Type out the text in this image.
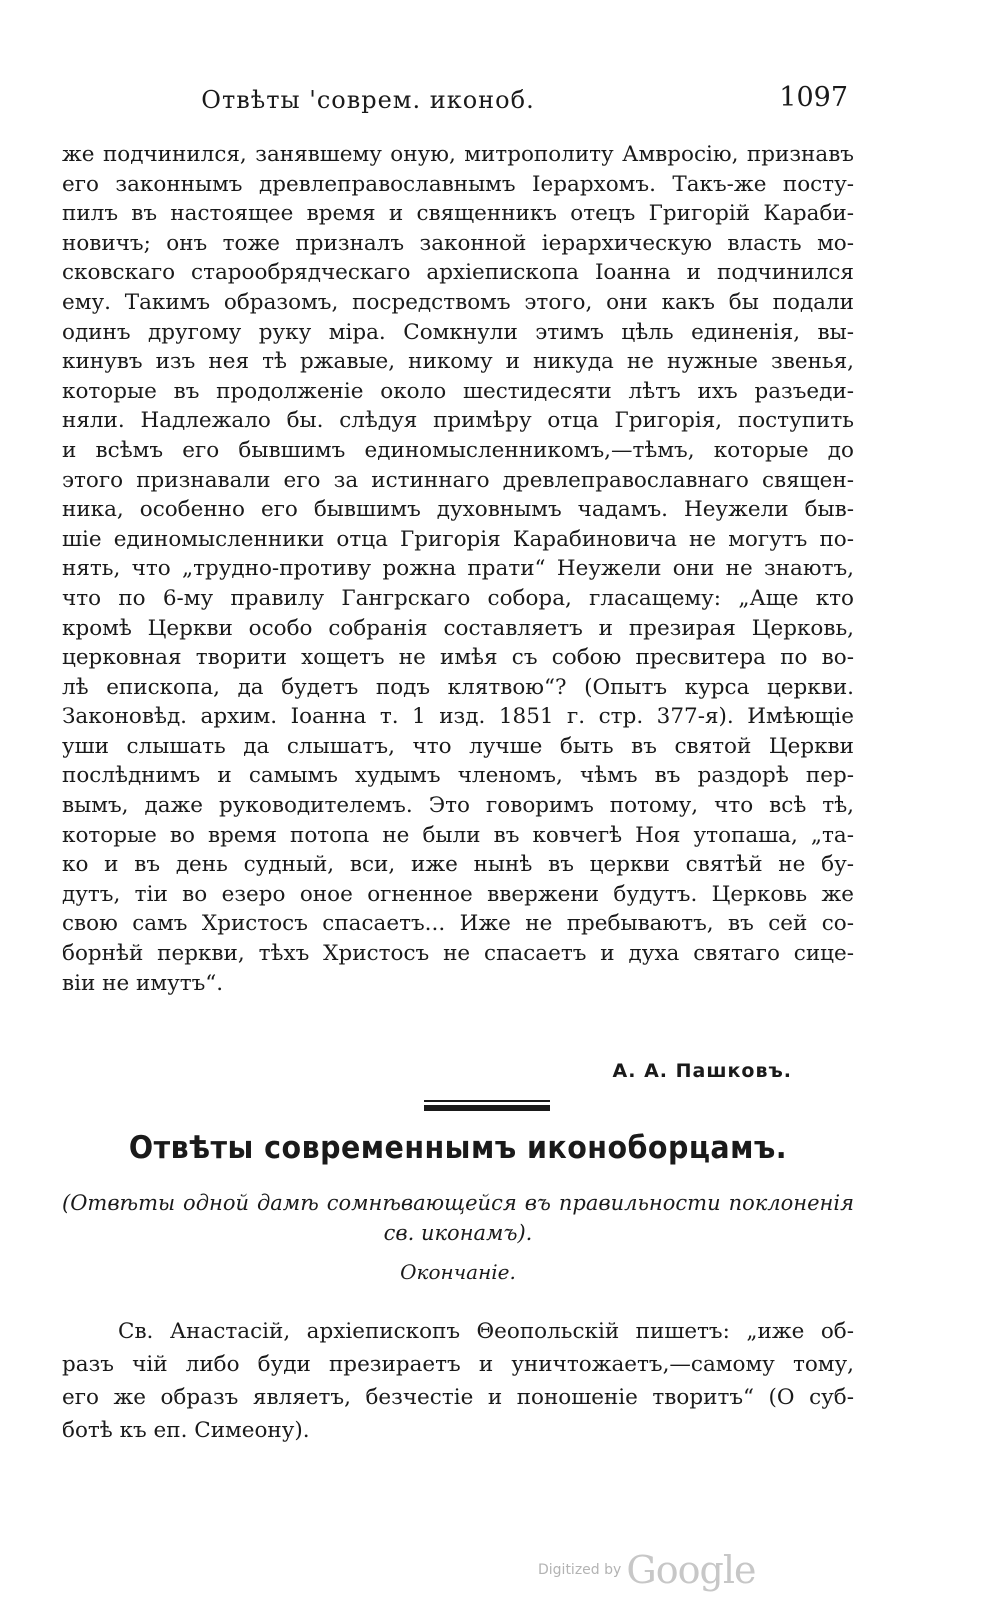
Отвѣты 'соврем. иконоб.	1097
же подчинился, занявшему оную, митрополиту Амвросію, признавъ
его законнымъ древлеправославнымъ Іерархомъ. Такъ-же посту-
пилъ въ настоящее время и священникъ отецъ Григорій Караби-
новичъ; онъ тоже призналъ законной іерархическую власть мо-
сковскаго старообрядческаго архіепископа Іоанна и подчинился
ему. Такимъ образомъ, посредствомъ этого, они какъ бы подали
одинъ другому руку міра. Сомкнули этимъ цѣль единенія, вы-
кинувъ изъ нея тѣ ржавые, никому и никуда не нужные звенья,
которые въ продолженіе около шестидесяти лѣтъ ихъ разъеди-
няли. Надлежало бы. слѣдуя примѣру отца Григорія, поступить
и всѣмъ его бывшимъ единомысленникомъ,—тѣмъ, которые до
этого признавали его за истиннаго древлеправославнаго священ-
ника, особенно его бывшимъ духовнымъ чадамъ. Неужели быв-
шіе единомысленники отца Григорія Карабиновича не могутъ по-
нять, что „трудно-противу рожна прати“ Неужели они не знаютъ,
что по 6-му правилу Гангрскаго собора, гласащему: „Аще кто
кромѣ Церкви особо собранія составляетъ и презирая Церковь,
церковная творити хощетъ не имѣя съ собою пресвитера по во-
лѣ епископа, да будетъ подъ клятвою“? (Опытъ курса церкви.
Законовѣд. архим. Іоанна т. 1 изд. 1851 г. стр. 377-я). Имѣющіе
уши слышать да слышатъ, что лучше быть въ святой Церкви
послѣднимъ и самымъ худымъ членомъ, чѣмъ въ раздорѣ пер-
вымъ, даже руководителемъ. Это говоримъ потому, что всѣ тѣ,
которые во время потопа не были въ ковчегѣ Ноя утопаша, „та-
ко и въ день судный, вси, иже нынѣ въ церкви святѣй не бу-
дутъ, тіи во езеро оное огненное ввержени будутъ. Церковь же
свою самъ Христосъ спасаетъ... Иже не пребываютъ, въ сей со-
борнѣй перкви, тѣхъ Христосъ не спасаетъ и духа святаго сице-
віи не имутъ“.
А. А. Пашковъ.
Отвѣты современнымъ иконоборцамъ.
(Отвѣты одной дамѣ сомнѣвающейся въ правильности поклоненія
св. иконамъ).
Окончаніе.
Св. Анастасій, архіепископъ Θеопольскій пишетъ: „иже об-
разъ чій либо буди презираетъ и уничтожаетъ,—самому тому,
его же образъ являетъ, безчестіе и поношеніе творитъ“ (О суб-
ботѣ къ еп. Симеону).
Digitized by Google
